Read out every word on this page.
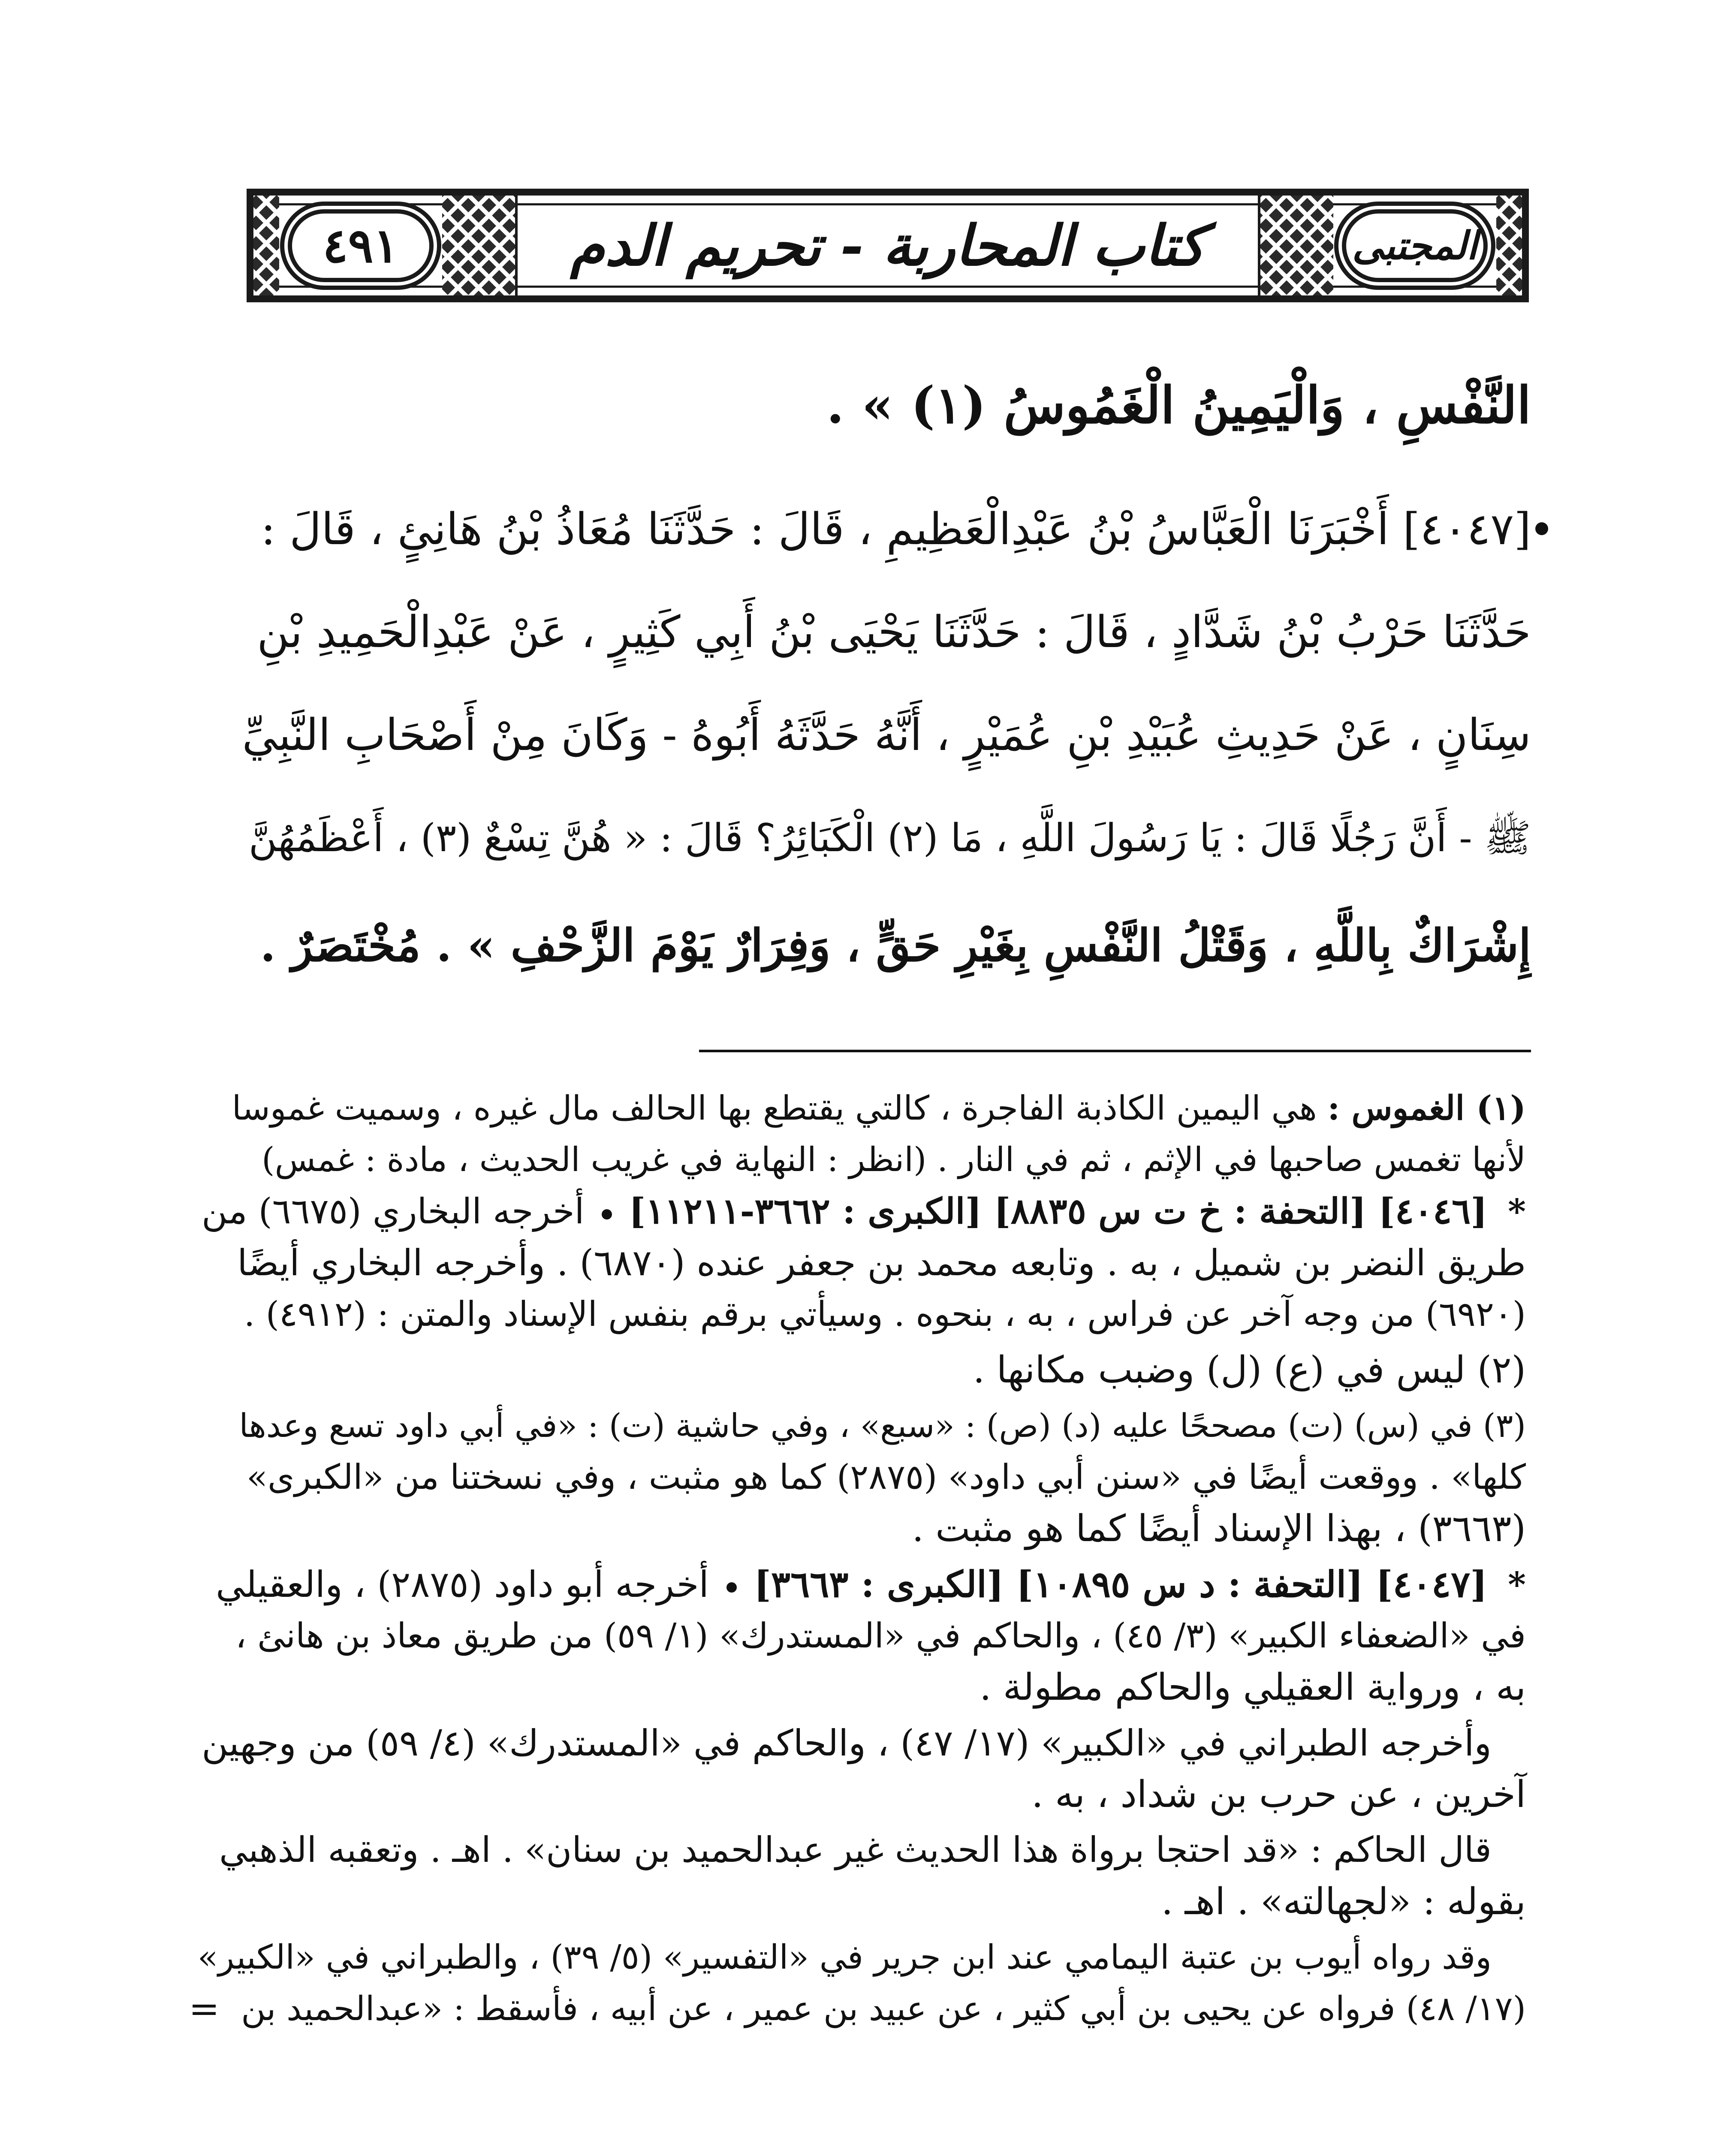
٤٩١	كتاب المحاربة - تحريم الدم	المجتبى
النَّفْسِ ، وَالْيَمِينُ الْغَمُوسُ (١) » .
[٤٠٤٧] أَخْبَرَنَا الْعَبَّاسُ بْنُ عَبْدِالْعَظِيمِ ، قَالَ : حَدَّثَنَا مُعَاذُ بْنُ هَانِئٍ ، قَالَ :
حَدَّثَنَا حَرْبُ بْنُ شَدَّادٍ ، قَالَ : حَدَّثَنَا يَحْيَى بْنُ أَبِي كَثِيرٍ ، عَنْ عَبْدِالْحَمِيدِ بْنِ
سِنَانٍ ، عَنْ حَدِيثِ عُبَيْدِ بْنِ عُمَيْرٍ ، أَنَّهُ حَدَّثَهُ أَبُوهُ - وَكَانَ مِنْ أَصْحَابِ النَّبِيِّ
ﷺ - أَنَّ رَجُلًا قَالَ : يَا رَسُولَ اللَّهِ ، مَا (٢) الْكَبَائِرُ؟ قَالَ : « هُنَّ تِسْعٌ (٣) ، أَعْظَمُهُنَّ
إِشْرَاكٌ بِاللَّهِ ، وَقَتْلُ النَّفْسِ بِغَيْرِ حَقٍّ ، وَفِرَارٌ يَوْمَ الزَّحْفِ » . مُخْتَصَرٌ .
(١) الغموس : هي اليمين الكاذبة الفاجرة ، كالتي يقتطع بها الحالف مال غيره ، وسميت غموسا
لأنها تغمس صاحبها في الإثم ، ثم في النار . (انظر : النهاية في غريب الحديث ، مادة : غمس)
*
[٤٠٤٦] [التحفة : خ ت س ٨٨٣٥] [الكبرى : ٣٦٦٢-١١٢١١]  أخرجه البخاري (٦٦٧٥) من
طريق النضر بن شميل ، به . وتابعه محمد بن جعفر عنده (٦٨٧٠) . وأخرجه البخاري أيضًا
(٦٩٢٠) من وجه آخر عن فراس ، به ، بنحوه . وسيأتي برقم بنفس الإسناد والمتن : (٤٩١٢) .
(٢) ليس في (ع) (ل) وضبب مكانها .
(٣) في (س) (ت) مصححًا عليه (د) (ص) : «سبع» ، وفي حاشية (ت) : «في أبي داود تسع وعدها
كلها» . ووقعت أيضًا في «سنن أبي داود» (٢٨٧٥) كما هو مثبت ، وفي نسختنا من «الكبرى»
(٣٦٦٣) ، بهذا الإسناد أيضًا كما هو مثبت .
*
[٤٠٤٧] [التحفة : د س ١٠٨٩٥] [الكبرى : ٣٦٦٣]  أخرجه أبو داود (٢٨٧٥) ، والعقيلي
في «الضعفاء الكبير» (٣/ ٤٥) ، والحاكم في «المستدرك» (١/ ٥٩) من طريق معاذ بن هانئ ،
به ، ورواية العقيلي والحاكم مطولة .
وأخرجه الطبراني في «الكبير» (١٧/ ٤٧) ، والحاكم في «المستدرك» (٤/ ٥٩) من وجهين
آخرين ، عن حرب بن شداد ، به .
قال الحاكم : «قد احتجا برواة هذا الحديث غير عبدالحميد بن سنان» . اهـ . وتعقبه الذهبي
بقوله : «لجهالته» . اهـ .
وقد رواه أيوب بن عتبة اليمامي عند ابن جرير في «التفسير» (٥/ ٣٩) ، والطبراني في «الكبير»
(١٧/ ٤٨) فرواه عن يحيى بن أبي كثير ، عن عبيد بن عمير ، عن أبيه ، فأسقط : «عبدالحميد بن
=
